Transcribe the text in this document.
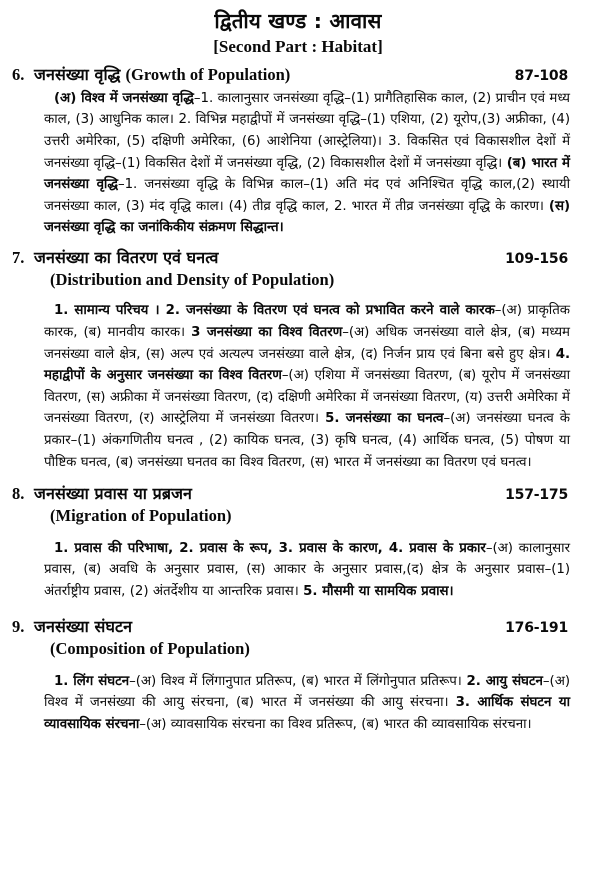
द्वितीय खण्ड : आवास
[Second Part : Habitat]
6. जनसंख्या वृद्धि (Growth of Population)	87-108
(अ) विश्व में जनसंख्या वृद्धि–1. कालानुसार जनसंख्या वृद्धि–(1) प्रागैतिहासिक काल, (2) प्राचीन एवं मध्य काल, (3) आधुनिक काल। 2. विभिन्न महाद्वीपों में जनसंख्या वृद्धि–(1) एशिया, (2) यूरोप,(3) अफ्रीका, (4) उत्तरी अमेरिका, (5) दक्षिणी अमेरिका, (6) आशेनिया (आस्ट्रेलिया)। 3. विकसित एवं विकासशील देशों में जनसंख्या वृद्धि–(1) विकसित देशों में जनसंख्या वृद्धि, (2) विकासशील देशों में जनसंख्या वृद्धि। (ब) भारत में जनसंख्या वृद्धि–1. जनसंख्या वृद्धि के विभिन्न काल–(1) अति मंद एवं अनिश्चित वृद्धि काल,(2) स्थायी जनसंख्या काल, (3) मंद वृद्धि काल। (4) तीव्र वृद्धि काल, 2. भारत में तीव्र जनसंख्या वृद्धि के कारण। (स) जनसंख्या वृद्धि का जनांकिकीय संक्रमण सिद्धान्त।
7. जनसंख्या का वितरण एवं घनत्व	109-156
(Distribution and Density of Population)
1. सामान्य परिचय । 2. जनसंख्या के वितरण एवं घनत्व को प्रभावित करने वाले कारक–(अ) प्राकृतिक कारक, (ब) मानवीय कारक। 3 जनसंख्या का विश्व वितरण–(अ) अधिक जनसंख्या वाले क्षेत्र, (ब) मध्यम जनसंख्या वाले क्षेत्र, (स) अल्प एवं अत्यल्प जनसंख्या वाले क्षेत्र, (द) निर्जन प्राय एवं बिना बसे हुए क्षेत्र। 4. महाद्वीपों के अनुसार जनसंख्या का विश्व वितरण–(अ) एशिया में जनसंख्या वितरण, (ब) यूरोप में जनसंख्या वितरण, (स) अफ्रीका में जनसंख्या वितरण, (द) दक्षिणी अमेरिका में जनसंख्या वितरण, (य) उत्तरी अमेरिका में जनसंख्या वितरण, (र) आस्ट्रेलिया में जनसंख्या वितरण। 5. जनसंख्या का घनत्व–(अ) जनसंख्या घनत्व के प्रकार–(1) अंकगणितीय घनत्व , (2) कायिक घनत्व, (3) कृषि घनत्व, (4) आर्थिक घनत्व, (5) पोषण या पौष्टिक घनत्व, (ब) जनसंख्या घनतव का विश्व वितरण, (स) भारत में जनसंख्या का वितरण एवं घनत्व।
8. जनसंख्या प्रवास या प्रब्रजन	157-175
(Migration of Population)
1. प्रवास की परिभाषा, 2. प्रवास के रूप, 3. प्रवास के कारण, 4. प्रवास के प्रकार–(अ) कालानुसार प्रवास, (ब) अवधि के अनुसार प्रवास, (स) आकार के अनुसार प्रवास,(द) क्षेत्र के अनुसार प्रवास–(1) अंतर्राष्ट्रीय प्रवास, (2) अंतर्देशीय या आन्तरिक प्रवास। 5. मौसमी या सामयिक प्रवास।
9. जनसंख्या संघटन	176-191
(Composition of Population)
1. लिंग संघटन–(अ) विश्व में लिंगानुपात प्रतिरूप, (ब) भारत में लिंगोनुपात प्रतिरूप। 2. आयु संघटन–(अ) विश्व में जनसंख्या की आयु संरचना, (ब) भारत में जनसंख्या की आयु संरचना। 3. आर्थिक संघटन या व्यावसायिक संरचना–(अ) व्यावसायिक संरचना का विश्व प्रतिरूप, (ब) भारत की व्यावसायिक संरचना।
